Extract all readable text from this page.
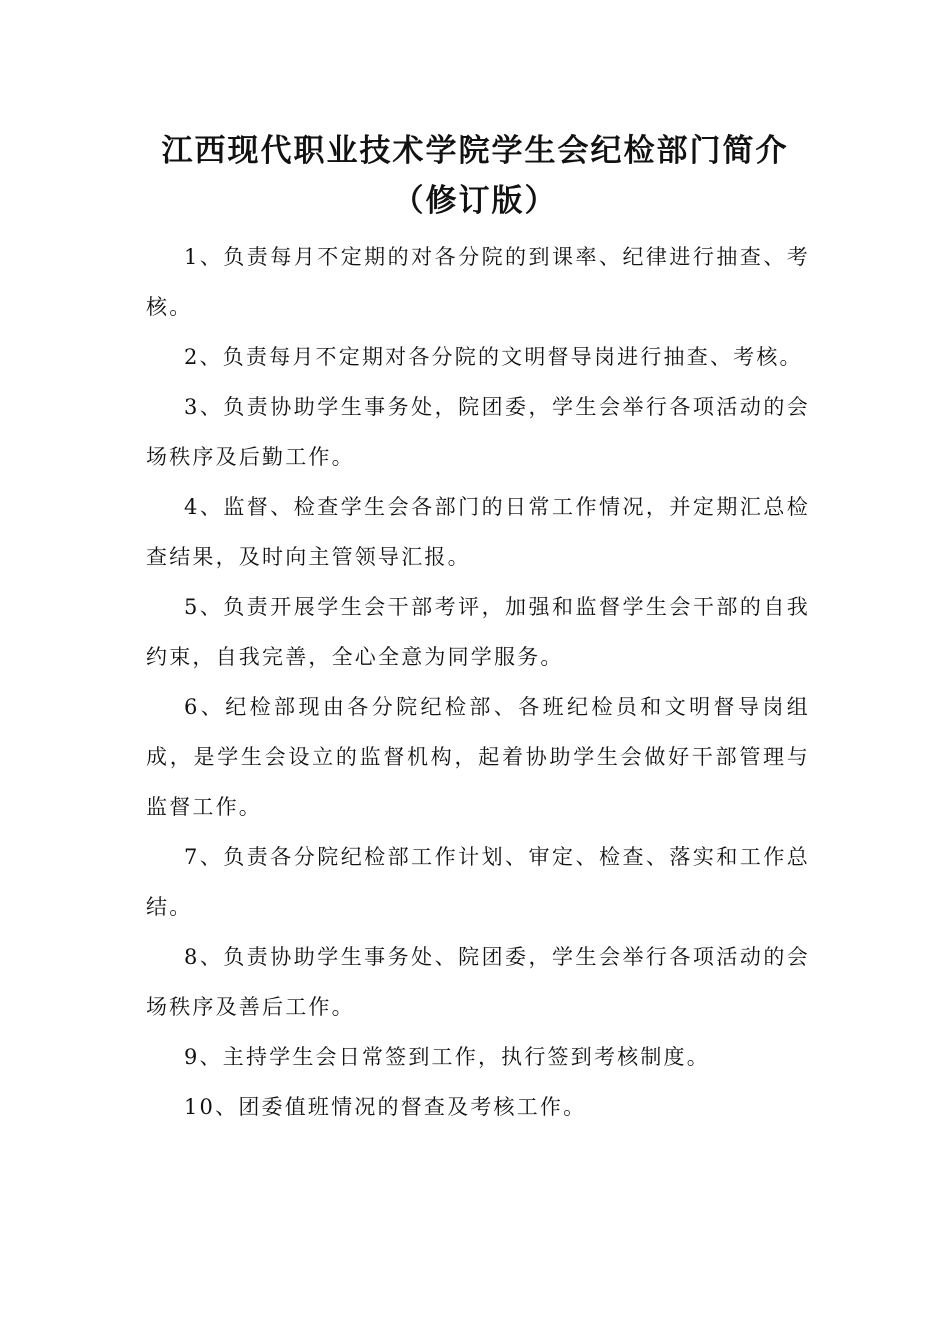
江西现代职业技术学院学生会纪检部门简介
（修订版）

1、负责每月不定期的对各分院的到课率、纪律进行抽查、考核。

2、负责每月不定期对各分院的文明督导岗进行抽查、考核。

3、负责协助学生事务处，院团委，学生会举行各项活动的会场秩序及后勤工作。

4、监督、检查学生会各部门的日常工作情况，并定期汇总检查结果，及时向主管领导汇报。

5、负责开展学生会干部考评，加强和监督学生会干部的自我约束，自我完善，全心全意为同学服务。

6、纪检部现由各分院纪检部、各班纪检员和文明督导岗组成，是学生会设立的监督机构，起着协助学生会做好干部管理与监督工作。

7、负责各分院纪检部工作计划、审定、检查、落实和工作总结。

8、负责协助学生事务处、院团委，学生会举行各项活动的会场秩序及善后工作。

9、主持学生会日常签到工作，执行签到考核制度。

10、团委值班情况的督查及考核工作。
